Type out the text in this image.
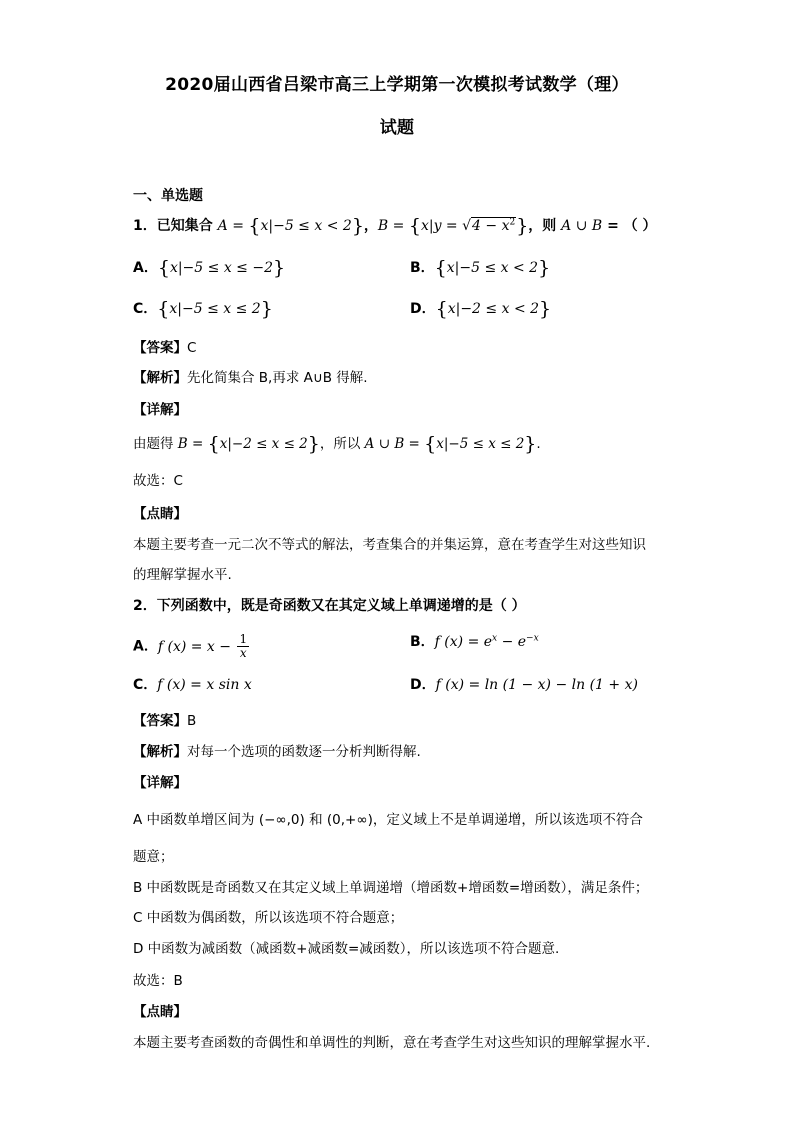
2020届山西省吕梁市高三上学期第一次模拟考试数学（理）
试题
一、单选题
1．已知集合 A = {x|−5 ≤ x < 2}，$B = \{x|y = √4 - x^2\}$，则 A ∪ B = （ ）
A．{x|−5 ≤ x ≤ −2}	B．{x|−5 ≤ x < 2}
C．{x|−5 ≤ x ≤ 2}	D．{x|−2 ≤ x < 2}
【答案】C
【解析】先化简集合 B,再求 A∪B 得解.
【详解】
由题得 B = {x|−2 ≤ x ≤ 2}，所以 A ∪ B = {x|−5 ≤ x ≤ 2}.
故选：C
【点睛】
本题主要考查一元二次不等式的解法，考查集合的并集运算，意在考查学生对这些知识
的理解掌握水平.
2．下列函数中，既是奇函数又在其定义域上单调递增的是（ ）
A．f $(x) = x - \frac{1}{x}$	B．f $(x) = e^x - e^{-x}$
C．f (x) = x sin x	D．f (x) = ln (1 − x) − ln (1 + x)
【答案】B
【解析】对每一个选项的函数逐一分析判断得解.
【详解】
A 中函数单增区间为 (−∞,0) 和 (0,+∞)，定义域上不是单调递增，所以该选项不符合
题意；
B 中函数既是奇函数又在其定义域上单调递增（增函数+增函数=增函数），满足条件；
C 中函数为偶函数，所以该选项不符合题意；
D 中函数为减函数（减函数+减函数=减函数），所以该选项不符合题意.
故选：B
【点睛】
本题主要考查函数的奇偶性和单调性的判断，意在考查学生对这些知识的理解掌握水平.
